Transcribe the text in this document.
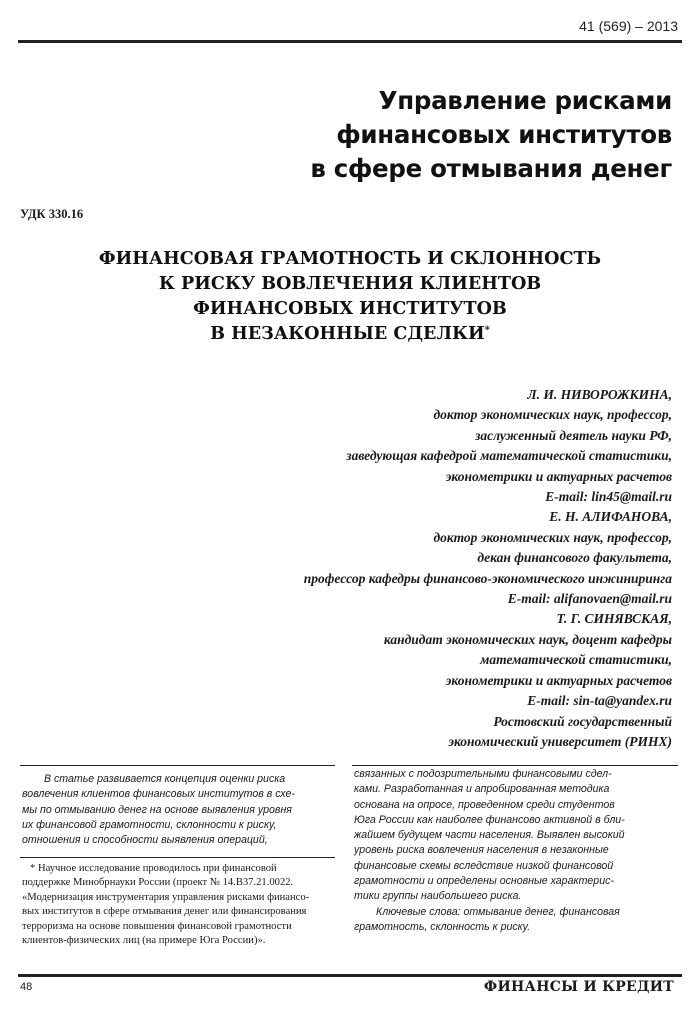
41 (569) – 2013
Управление рисками
финансовых институтов
в сфере отмывания денег
УДК 330.16
ФИНАНСОВАЯ ГРАМОТНОСТЬ И СКЛОННОСТЬ
К РИСКУ ВОВЛЕЧЕНИЯ КЛИЕНТОВ
ФИНАНСОВЫХ ИНСТИТУТОВ
В НЕЗАКОННЫЕ СДЕЛКИ*
Л. И. НИВОРОЖКИНА,
доктор экономических наук, профессор,
заслуженный деятель науки РФ,
заведующая кафедрой математической статистики,
эконометрики и актуарных расчетов
E-mail: lin45@mail.ru
Е. Н. АЛИФАНОВА,
доктор экономических наук, профессор,
декан финансового факультета,
профессор кафедры финансово-экономического инжиниринга
E-mail: alifanovaen@mail.ru
Т. Г. СИНЯВСКАЯ,
кандидат экономических наук, доцент кафедры
математической статистики,
эконометрики и актуарных расчетов
E-mail: sin-ta@yandex.ru
Ростовский государственный
экономический университет (РИНХ)
В статье развивается концепция оценки риска
вовлечения клиентов финансовых институтов в схе-
мы по отмыванию денег на основе выявления уровня
их финансовой грамотности, склонности к риску,
отношения и способности выявления операций,
связанных с подозрительными финансовыми сдел-
ками. Разработанная и апробированная методика
основана на опросе, проведенном среди студентов
Юга России как наиболее финансово активной в бли-
жайшем будущем части населения. Выявлен высокий
уровень риска вовлечения населения в незаконные
финансовые схемы вследствие низкой финансовой
грамотности и определены основные характерис-
тики группы наибольшего риска.
Ключевые слова: отмывание денег, финансовая
грамотность, склонность к риску.
* Научное исследование проводилось при финансовой
поддержке Минобрнауки России (проект № 14.В37.21.0022.
«Модернизация инструментария управления рисками финансо-
вых институтов в сфере отмывания денег или финансирования
терроризма на основе повышения финансовой грамотности
клиентов-физических лиц (на примере Юга России)».
48	ФИНАНСЫ И КРЕДИТ
